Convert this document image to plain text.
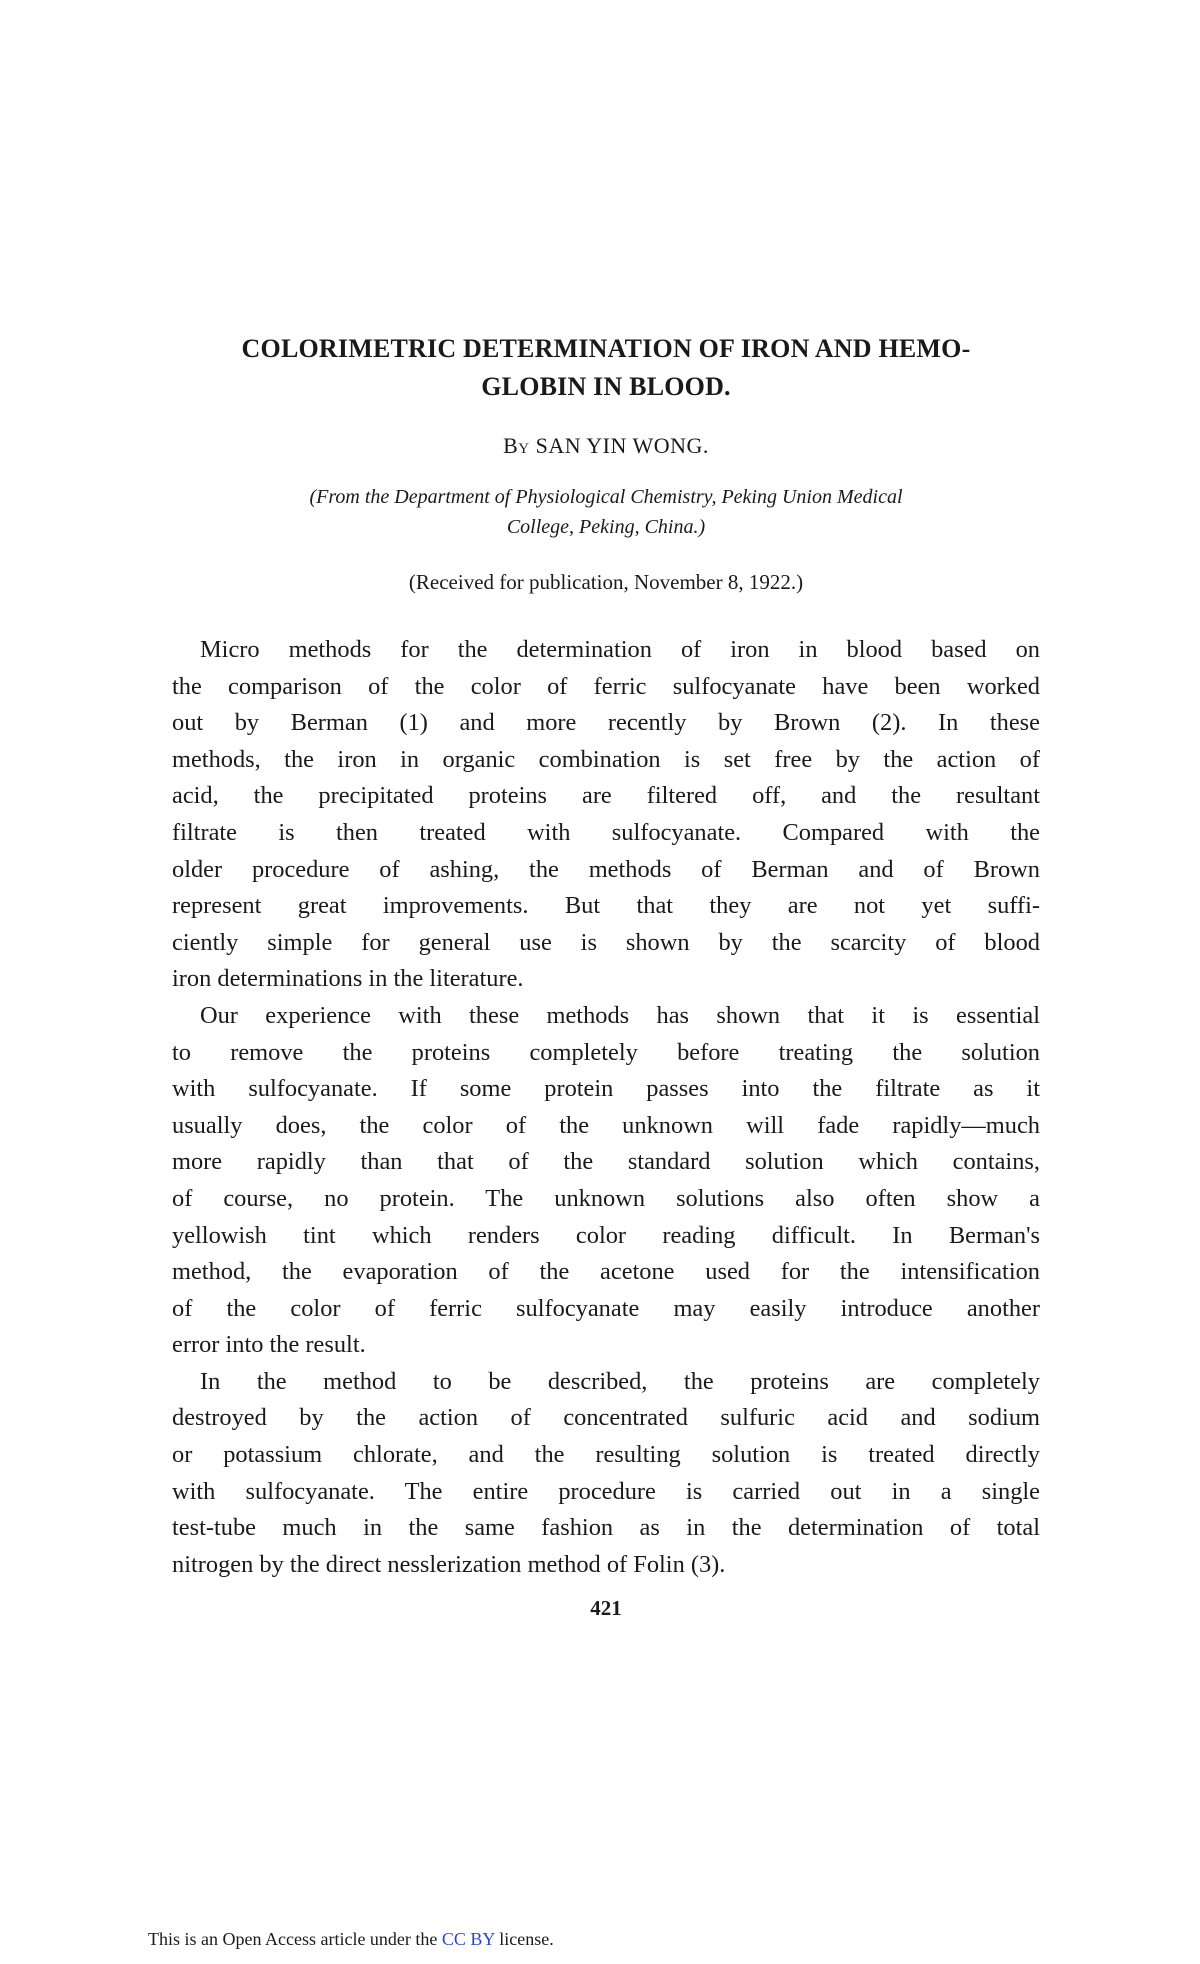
COLORIMETRIC DETERMINATION OF IRON AND HEMO-
GLOBIN IN BLOOD.
By SAN YIN WONG.
(From the Department of Physiological Chemistry, Peking Union Medical
College, Peking, China.)
(Received for publication, November 8, 1922.)
Micro methods for the determination of iron in blood based on
the comparison of the color of ferric sulfocyanate have been worked
out by Berman (1) and more recently by Brown (2). In these
methods, the iron in organic combination is set free by the action of
acid, the precipitated proteins are filtered off, and the resultant
filtrate is then treated with sulfocyanate. Compared with the
older procedure of ashing, the methods of Berman and of Brown
represent great improvements. But that they are not yet suffi-
ciently simple for general use is shown by the scarcity of blood
iron determinations in the literature.
Our experience with these methods has shown that it is essential
to remove the proteins completely before treating the solution
with sulfocyanate. If some protein passes into the filtrate as it
usually does, the color of the unknown will fade rapidly—much
more rapidly than that of the standard solution which contains,
of course, no protein. The unknown solutions also often show a
yellowish tint which renders color reading difficult. In Berman's
method, the evaporation of the acetone used for the intensification
of the color of ferric sulfocyanate may easily introduce another
error into the result.
In the method to be described, the proteins are completely
destroyed by the action of concentrated sulfuric acid and sodium
or potassium chlorate, and the resulting solution is treated directly
with sulfocyanate. The entire procedure is carried out in a single
test-tube much in the same fashion as in the determination of total
nitrogen by the direct nesslerization method of Folin (3).
421
This is an Open Access article under the CC BY license.
